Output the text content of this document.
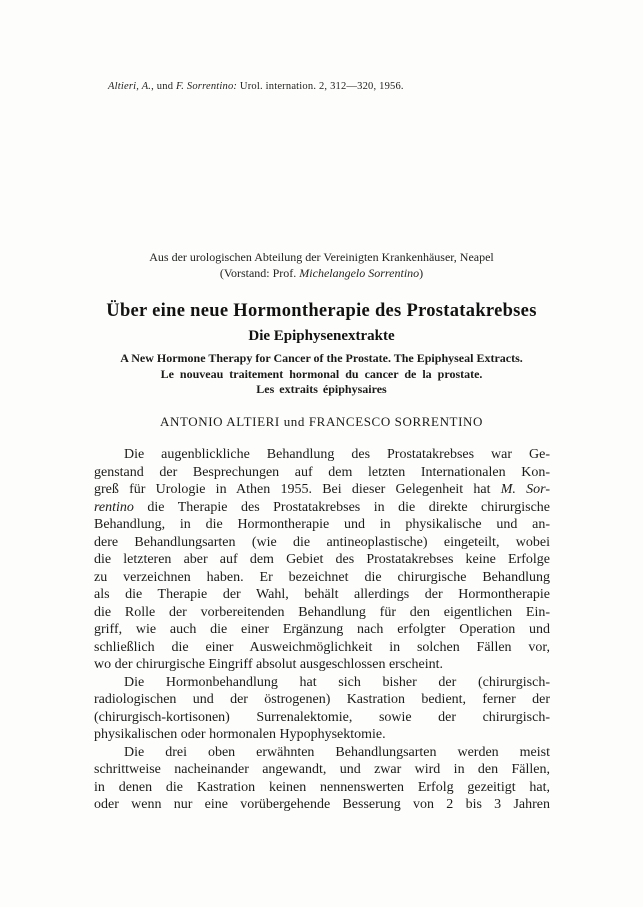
Altieri, A., und F. Sorrentino: Urol. internation. 2, 312—320, 1956.
Aus der urologischen Abteilung der Vereinigten Krankenhäuser, Neapel
(Vorstand: Prof. Michelangelo Sorrentino)
Über eine neue Hormontherapie des Prostatakrebses
Die Epiphysenextrakte
A New Hormone Therapy for Cancer of the Prostate. The Epiphyseal Extracts.
Le nouveau traitement hormonal du cancer de la prostate.
Les extraits épiphysaires
ANTONIO ALTIERI und FRANCESCO SORRENTINO
Die augenblickliche Behandlung des Prostatakrebses war Ge-
genstand der Besprechungen auf dem letzten Internationalen Kon-
greß für Urologie in Athen 1955. Bei dieser Gelegenheit hat M. Sor-
rentino die Therapie des Prostatakrebses in die direkte chirurgische
Behandlung, in die Hormontherapie und in physikalische und an-
dere Behandlungsarten (wie die antineoplastische) eingeteilt, wobei
die letzteren aber auf dem Gebiet des Prostatakrebses keine Erfolge
zu verzeichnen haben. Er bezeichnet die chirurgische Behandlung
als die Therapie der Wahl, behält allerdings der Hormontherapie
die Rolle der vorbereitenden Behandlung für den eigentlichen Ein-
griff, wie auch die einer Ergänzung nach erfolgter Operation und
schließlich die einer Ausweichmöglichkeit in solchen Fällen vor,
wo der chirurgische Eingriff absolut ausgeschlossen erscheint.
Die Hormonbehandlung hat sich bisher der (chirurgisch-
radiologischen und der östrogenen) Kastration bedient, ferner der
(chirurgisch-kortisonen) Surrenalektomie, sowie der chirurgisch-
physikalischen oder hormonalen Hypophysektomie.
Die drei oben erwähnten Behandlungsarten werden meist
schrittweise nacheinander angewandt, und zwar wird in den Fällen,
in denen die Kastration keinen nennenswerten Erfolg gezeitigt hat,
oder wenn nur eine vorübergehende Besserung von 2 bis 3 Jahren
